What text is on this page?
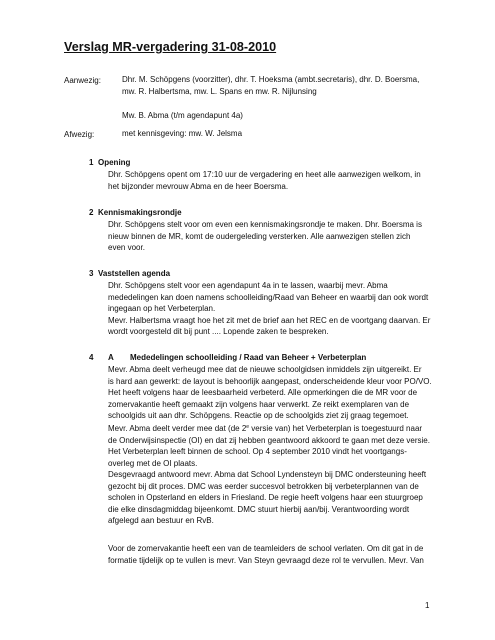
Verslag MR-vergadering 31-08-2010
Aanwezig:	Dhr. M. Schöpgens (voorzitter), dhr. T. Hoeksma (ambt.secretaris), dhr. D. Boersma,
mw. R. Halbertsma, mw. L. Spans en mw. R. Nijlunsing
Mw. B. Abma (t/m agendapunt 4a)
Afwezig:	met kennisgeving: mw. W. Jelsma
1 Opening
Dhr. Schöpgens opent om 17:10 uur de vergadering en heet alle aanwezigen welkom, in
het bijzonder mevrouw Abma en de heer Boersma.
2 Kennismakingsrondje
Dhr. Schöpgens stelt voor om even een kennismakingsrondje te maken. Dhr. Boersma is
nieuw binnen de MR, komt de oudergeleding versterken. Alle aanwezigen stellen zich
even voor.
3 Vaststellen agenda
Dhr. Schöpgens stelt voor een agendapunt 4a in te lassen, waarbij mevr. Abma
mededelingen kan doen namens schoolleiding/Raad van Beheer en waarbij dan ook wordt
ingegaan op het Verbeterplan.
Mevr. Halbertsma vraagt hoe het zit met de brief aan het REC en de voortgang daarvan. Er
wordt voorgesteld dit bij punt .... Lopende zaken te bespreken.
4 A Mededelingen schoolleiding / Raad van Beheer + Verbeterplan
Mevr. Abma deelt verheugd mee dat de nieuwe schoolgidsen inmiddels zijn uitgereikt. Er
is hard aan gewerkt: de layout is behoorlijk aangepast, onderscheidende kleur voor PO/VO.
Het heeft volgens haar de leesbaarheid verbeterd. Alle opmerkingen die de MR voor de
zomervakantie heeft gemaakt zijn volgens haar verwerkt. Ze reikt exemplaren van de
schoolgids uit aan dhr. Schöpgens. Reactie op de schoolgids ziet zij graag tegemoet.
Mevr. Abma deelt verder mee dat (de 2e versie van) het Verbeterplan is toegestuurd naar
de Onderwijsinspectie (OI) en dat zij hebben geantwoord akkoord te gaan met deze versie.
Het Verbeterplan leeft binnen de school. Op 4 september 2010 vindt het voortgangs-
overleg met de OI plaats.
Desgevraagd antwoord mevr. Abma dat School Lyndensteyn bij DMC ondersteuning heeft
gezocht bij dit proces. DMC was eerder succesvol betrokken bij verbeterplannen van de
scholen in Opsterland en elders in Friesland. De regie heeft volgens haar een stuurgroep
die elke dinsdagmiddag bijeenkomt. DMC stuurt hierbij aan/bij. Verantwoording wordt
afgelegd aan bestuur en RvB.
Voor de zomervakantie heeft een van de teamleiders de school verlaten. Om dit gat in de
formatie tijdelijk op te vullen is mevr. Van Steyn gevraagd deze rol te vervullen. Mevr. Van
1
